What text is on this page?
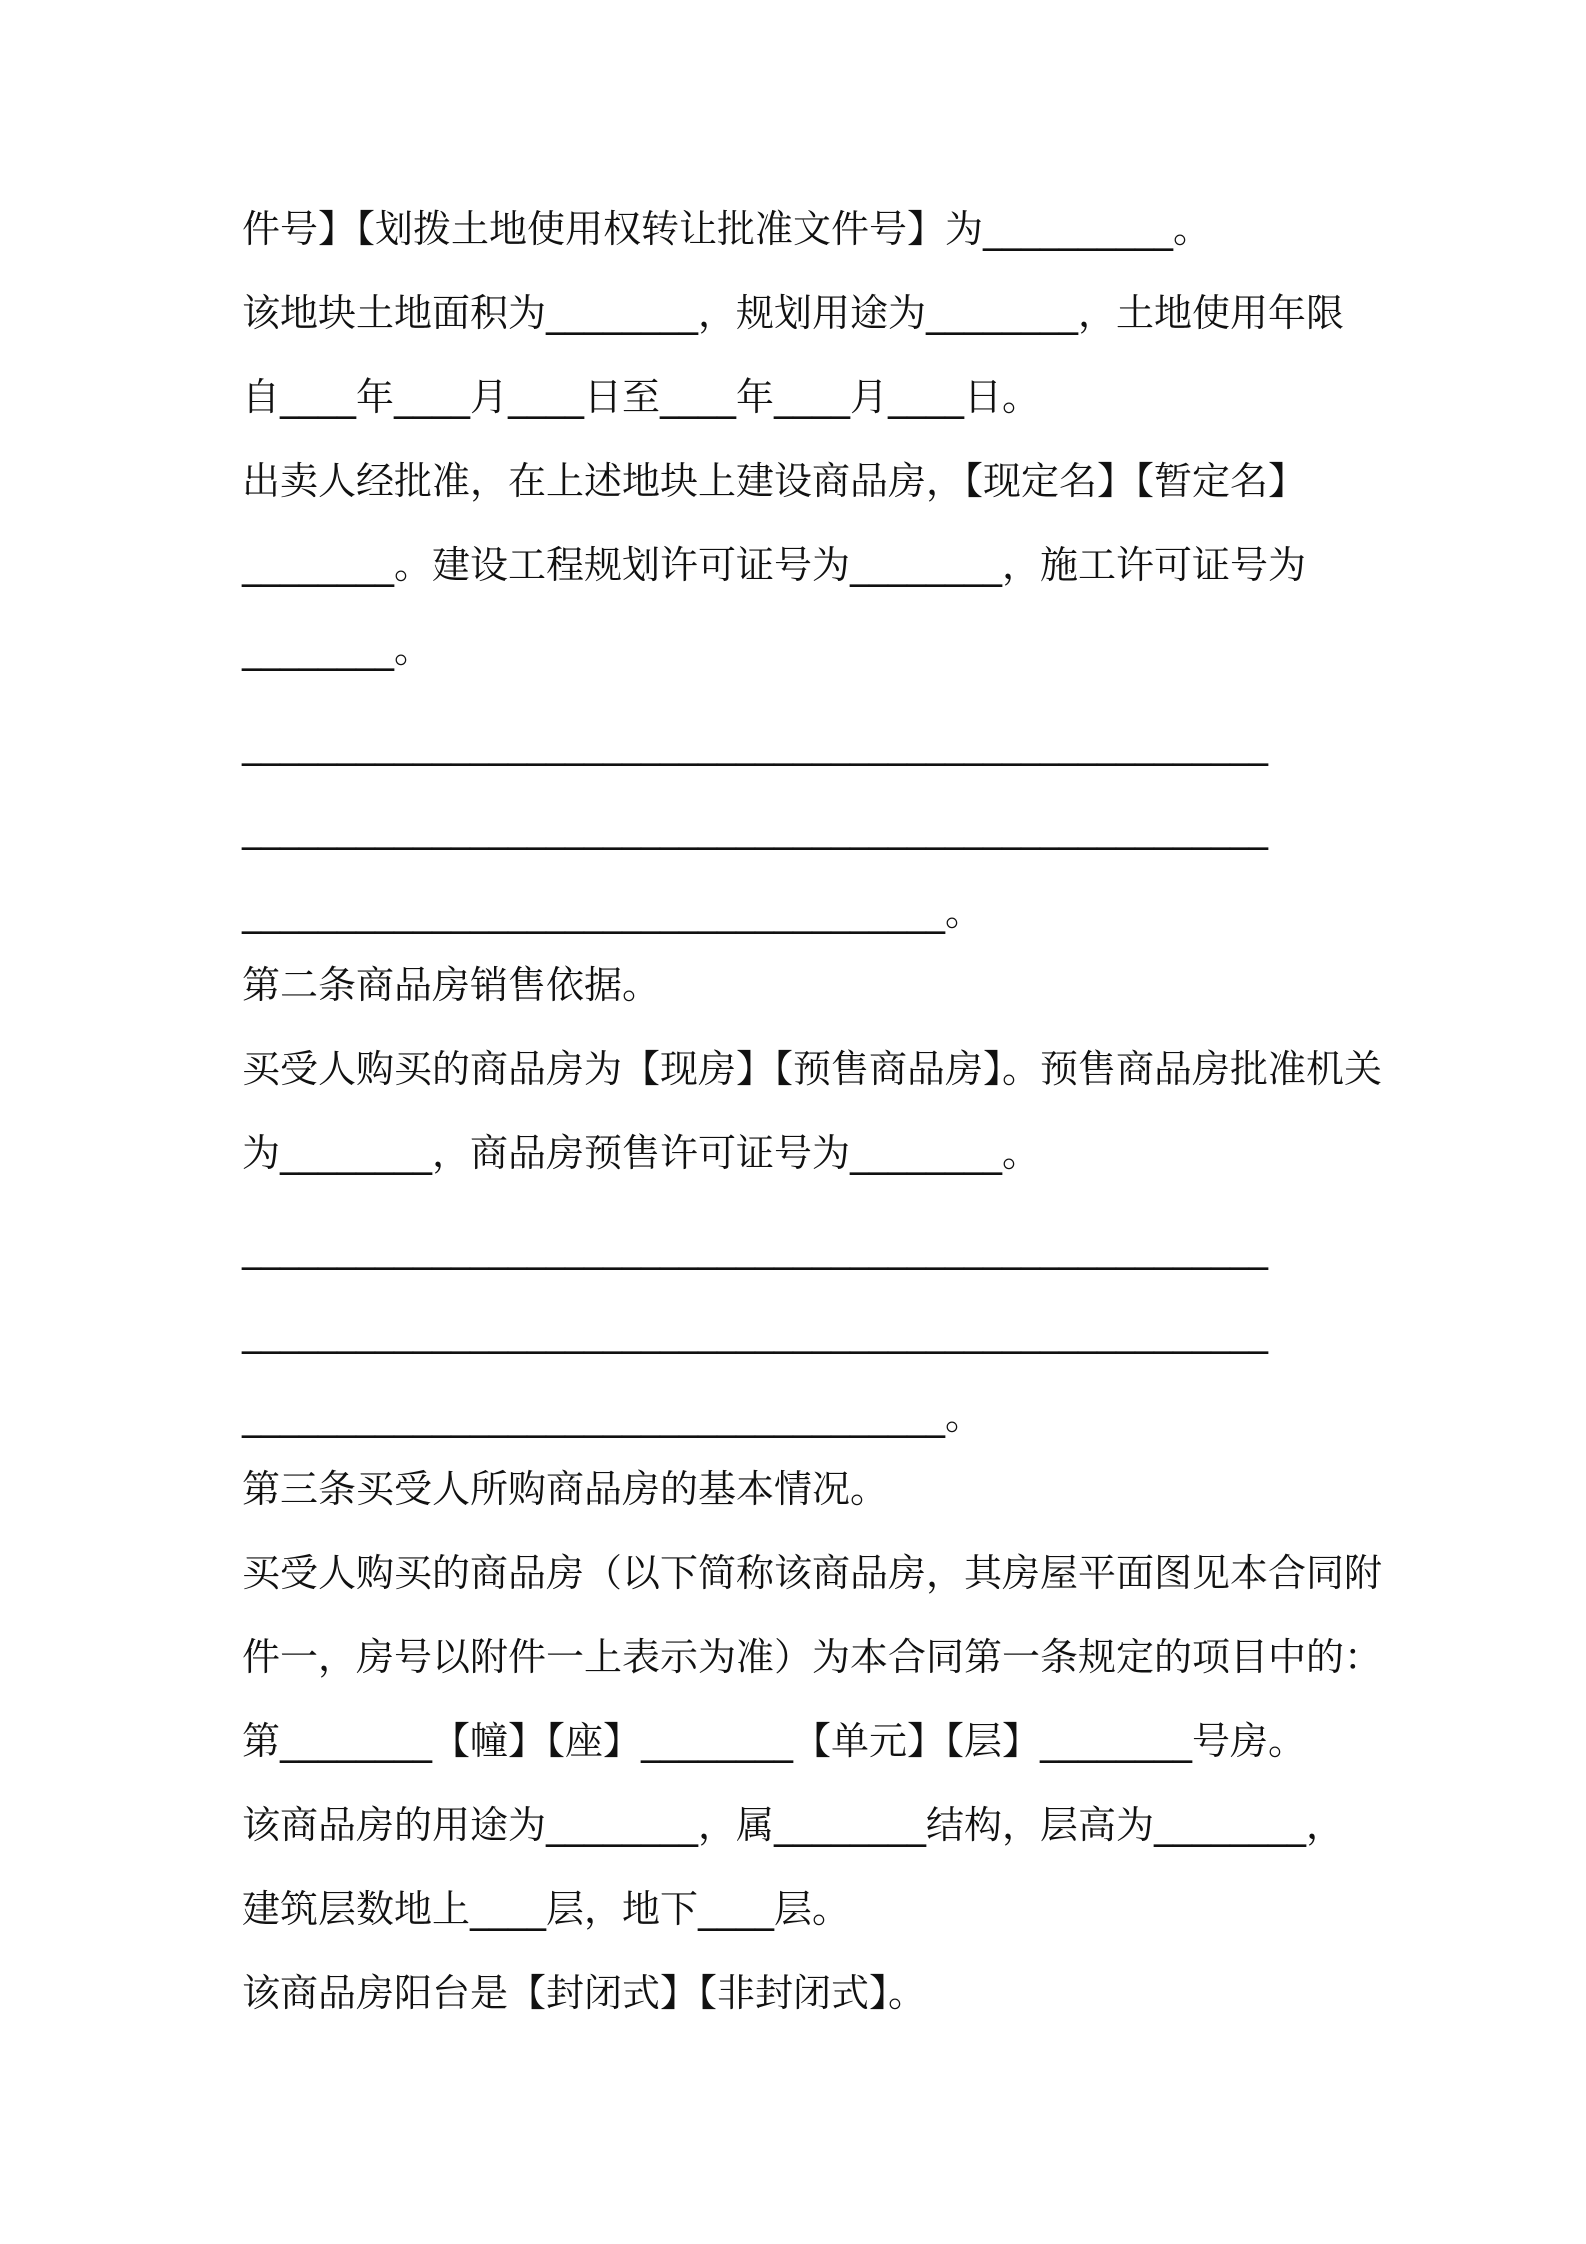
件号】【划拨土地使用权转让批准文件号】为__________。
该地块土地面积为________，规划用途为________，土地使用年限
自____年____月____日至____年____月____日。
出卖人经批准，在上述地块上建设商品房，【现定名】【暂定名】
________。建设工程规划许可证号为________，施工许可证号为
________。
______________________________________________________
______________________________________________________
_____________________________________。
第二条商品房销售依据。
买受人购买的商品房为【现房】【预售商品房】。预售商品房批准机关
为________，商品房预售许可证号为________。
______________________________________________________
______________________________________________________
_____________________________________。
第三条买受人所购商品房的基本情况。
买受人购买的商品房（以下简称该商品房，其房屋平面图见本合同附
件一，房号以附件一上表示为准）为本合同第一条规定的项目中的：
第________【幢】【座】________【单元】【层】________号房。
该商品房的用途为________，属________结构，层高为________，
建筑层数地上____层，地下____层。
该商品房阳台是【封闭式】【非封闭式】。
